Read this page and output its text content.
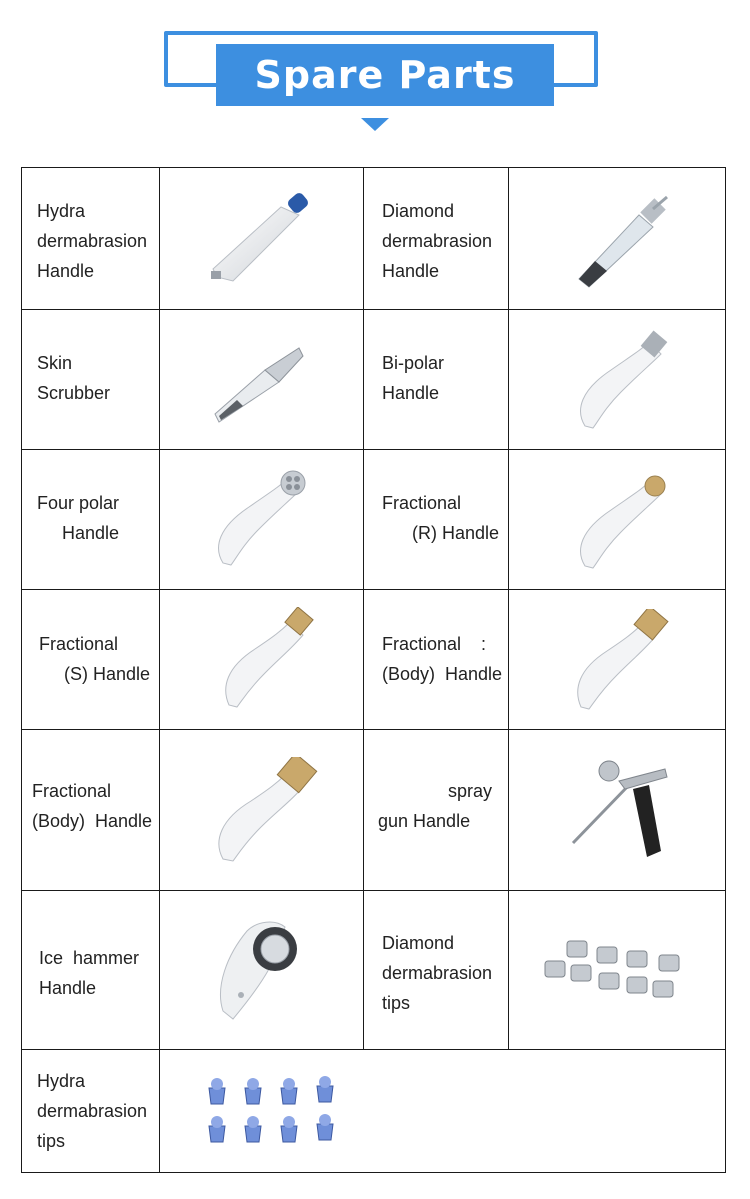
Spare Parts
Hydra
dermabrasion
Handle
Diamond
dermabrasion
Handle
Skin
Scrubber
Bi-polar
Handle
Four polar
Handle
Fractional
(R) Handle
Fractional
(S) Handle
Fractional    :
(Body)  Handle
Fractional
(Body)  Handle
spray
gun Handle
Ice  hammer
Handle
Diamond
dermabrasion
tips
Hydra
dermabrasion
tips
